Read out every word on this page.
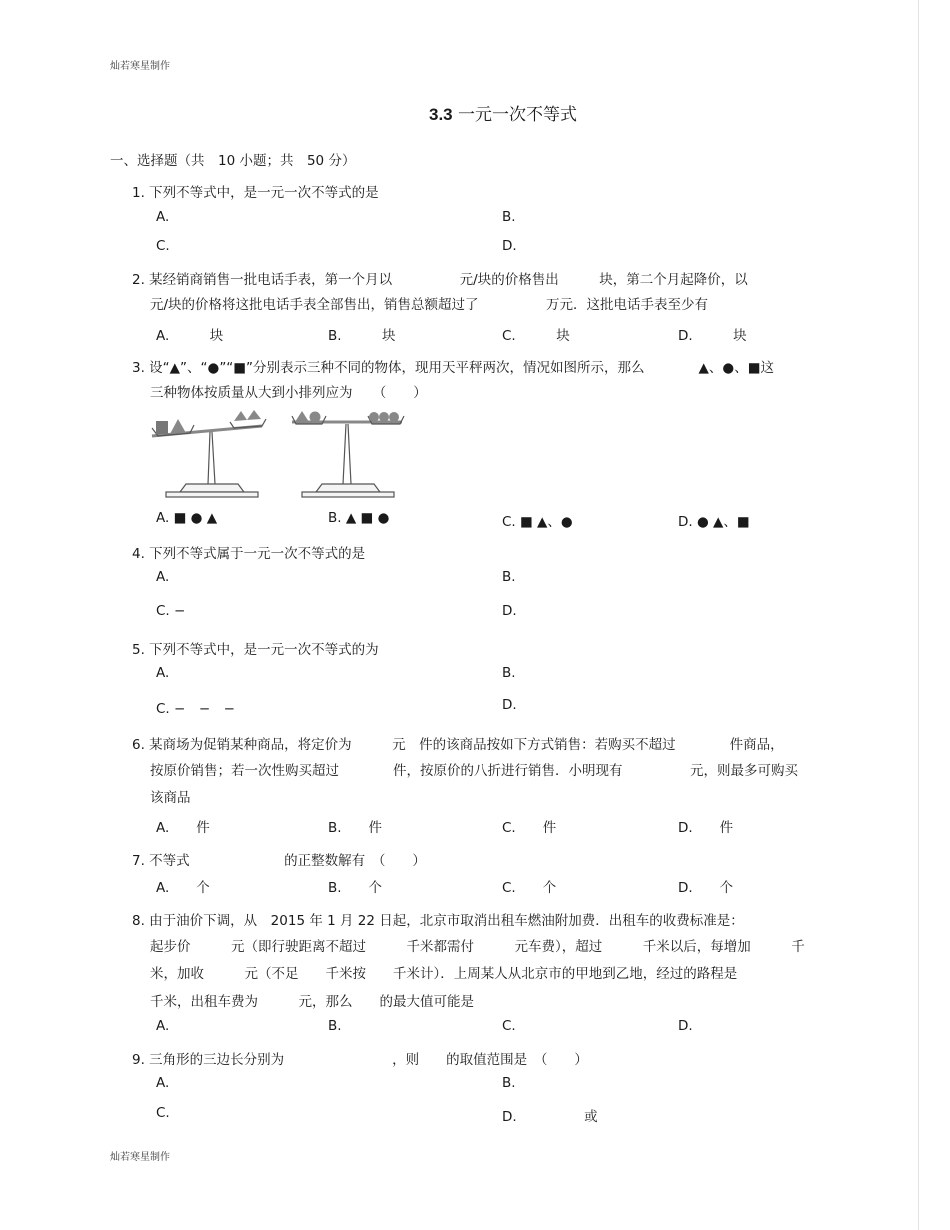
灿若寒星制作
3.3 一元一次不等式
一、选择题（共　10 小题；共　50 分）
1. 下列不等式中，是一元一次不等式的是
A.	B.
C.	D.
2. 某经销商销售一批电话手表，第一个月以　　　　　元/块的价格售出　　　块，第二个月起降价，以
元/块的价格将这批电话手表全部售出，销售总额超过了　　　　　万元．这批电话手表至少有
A.　　　块	B.　　　块	C.　　　块	D.　　　块
3. 设“▲”、“●”“■”分别表示三种不同的物体，现用天平秤两次，情况如图所示，那么　　　　▲、●、■这
三种物体按质量从大到小排列应为　　（　　）
A. ■ ● ▲	B. ▲ ■ ●	C. ■ ▲、●	D. ● ▲、■
4. 下列不等式属于一元一次不等式的是
A.	B.
C. −	D.
5. 下列不等式中，是一元一次不等式的为
A.	B.
C. −　−　−	D.
6. 某商场为促销某种商品，将定价为　　　元　件的该商品按如下方式销售：若购买不超过　　　　件商品，
按原价销售；若一次性购买超过　　　　件，按原价的八折进行销售．小明现有　　　　　元，则最多可购买
该商品
A.　　件	B.　　件	C.　　件	D.　　件
7. 不等式　　　　　　　的正整数解有　（　　）
A.　　个	B.　　个	C.　　个	D.　　个
8. 由于油价下调，从　2015 年 1 月 22 日起，北京市取消出租车燃油附加费．出租车的收费标准是：
起步价　　　元（即行驶距离不超过　　　千米都需付　　　元车费），超过　　　千米以后，每增加　　　千
米，加收　　　元（不足　　千米按　　千米计）．上周某人从北京市的甲地到乙地，经过的路程是
千米，出租车费为　　　元，那么　　的最大值可能是
A.	B.	C.	D.
9. 三角形的三边长分别为　　　　　　　　，则　　的取值范围是　（　　）
A.	B.
C.	D.　　　　　或
灿若寒星制作
